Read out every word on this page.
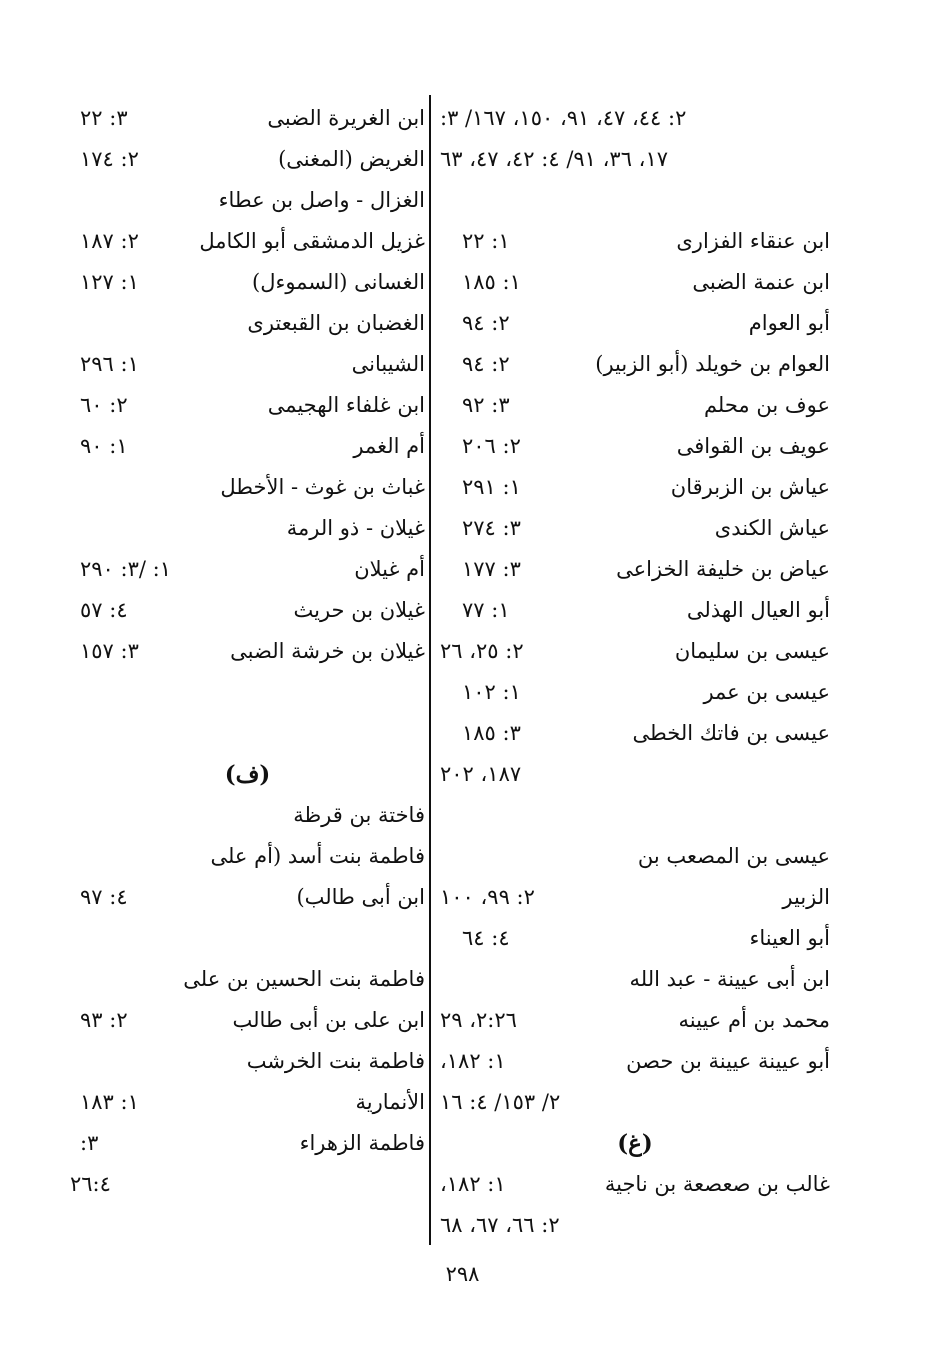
٢: ٤٤، ٤٧، ٩١، ١٥٠، ١٦٧/ ٣:
١٧، ٣٦، ٩١/ ٤: ٤٢، ٤٧، ٦٣
ابن عنقاء الفزارى
١: ٢٢
ابن عنمة الضبى
١: ١٨٥
أبو العوام
٢: ٩٤
العوام بن خويلد (أبو الزبير)
٢: ٩٤
عوف بن محلم
٣: ٩٢
عويف بن القوافى
٢: ٢٠٦
عياش بن الزبرقان
١: ٢٩١
عياش الكندى
٣: ٢٧٤
عياض بن خليفة الخزاعى
٣: ١٧٧
أبو العيال الهذلى
١: ٧٧
عيسى بن سليمان
٢: ٢٥، ٢٦
عيسى بن عمر
١: ١٠٢
عيسى بن فاتك الخطى
٣: ١٨٥
١٨٧، ٢٠٢
عيسى بن المصعب بن
الزبير
٢: ٩٩، ١٠٠
أبو العيناء
٤: ٦٤
ابن أبى عيينة - عبد الله
محمد بن أم عيينه
٢:٢٦، ٢٩
أبو عيينة عيينة بن حصن
١: ١٨٢،
٢/ ١٥٣/ ٤: ١٦
(غ)
غالب بن صعصعة بن ناجية
١: ١٨٢،
٢: ٦٦، ٦٧، ٦٨
ابن الغريرة الضبى
٣: ٢٢
الغريض (المغنى)
٢: ١٧٤
الغزال - واصل بن عطاء
غزيل الدمشقى أبو الكامل
٢: ١٨٧
الغسانى (السموءل)
١: ١٢٧
الغضبان بن القبعترى
الشيبانى
١: ٢٩٦
ابن غلفاء الهجيمى
٢: ٦٠
أم الغمر
١: ٩٠
غباث بن غوث - الأخطل
غيلان - ذو الرمة
أم غيلان
١: /٣: ٢٩٠
غيلان بن حريث
٤: ٥٧
غيلان بن خرشة الضبى
٣: ١٥٧
(ف)
فاختة بن قرظة
فاطمة بنت أسد (أم على
ابن أبى طالب)
٤: ٩٧
فاطمة بنت الحسين بن على
ابن على بن أبى طالب
٢: ٩٣
فاطمة بنت الخرشب
الأنمارية
١: ١٨٣
فاطمة الزهراء
٣:
٢٦:٤
٢٩٨
